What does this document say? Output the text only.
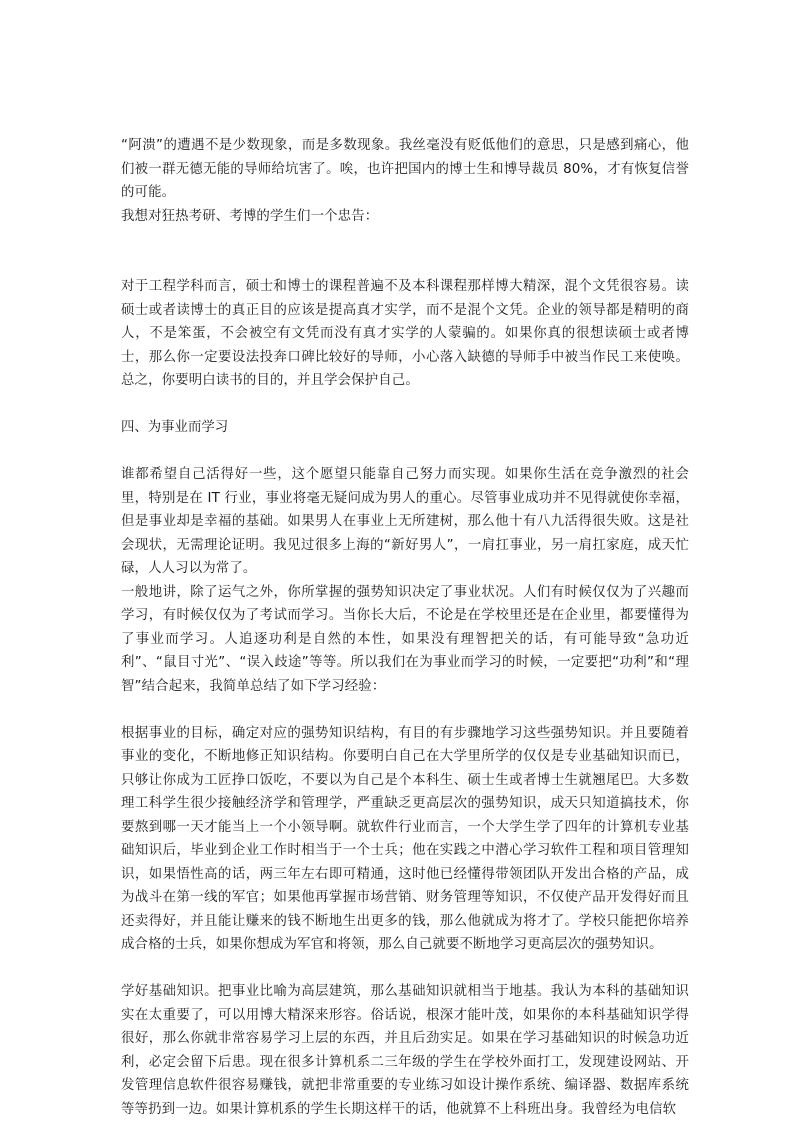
“阿溃”的遭遇不是少数现象，而是多数现象。我丝毫没有贬低他们的意思，只是感到痛心，他们被一群无德无能的导师给坑害了。唉，也许把国内的博士生和博导裁员 80%，才有恢复信誉的可能。

我想对狂热考研、考博的学生们一个忠告：

对于工程学科而言，硕士和博士的课程普遍不及本科课程那样博大精深，混个文凭很容易。读硕士或者读博士的真正目的应该是提高真才实学，而不是混个文凭。企业的领导都是精明的商人，不是笨蛋，不会被空有文凭而没有真才实学的人蒙骗的。如果你真的很想读硕士或者博士，那么你一定要设法投奔口碑比较好的导师，小心落入缺德的导师手中被当作民工来使唤。总之，你要明白读书的目的，并且学会保护自己。

四、为事业而学习

谁都希望自己活得好一些，这个愿望只能靠自己努力而实现。如果你生活在竞争激烈的社会里，特别是在 IT 行业，事业将毫无疑问成为男人的重心。尽管事业成功并不见得就使你幸福，但是事业却是幸福的基础。如果男人在事业上无所建树，那么他十有八九活得很失败。这是社会现状，无需理论证明。我见过很多上海的“新好男人”，一肩扛事业，另一肩扛家庭，成天忙碌，人人习以为常了。

一般地讲，除了运气之外，你所掌握的强势知识决定了事业状况。人们有时候仅仅为了兴趣而学习，有时候仅仅为了考试而学习。当你长大后，不论是在学校里还是在企业里，都要懂得为了事业而学习。人追逐功利是自然的本性，如果没有理智把关的话，有可能导致“急功近利”、“鼠目寸光”、“误入歧途”等等。所以我们在为事业而学习的时候，一定要把“功利”和“理智”结合起来，我简单总结了如下学习经验：

根据事业的目标，确定对应的强势知识结构，有目的有步骤地学习这些强势知识。并且要随着事业的变化，不断地修正知识结构。你要明白自己在大学里所学的仅仅是专业基础知识而已，只够让你成为工匠挣口饭吃，不要以为自己是个本科生、硕士生或者博士生就翘尾巴。大多数理工科学生很少接触经济学和管理学，严重缺乏更高层次的强势知识，成天只知道搞技术，你要熬到哪一天才能当上一个小领导啊。就软件行业而言，一个大学生学了四年的计算机专业基础知识后，毕业到企业工作时相当于一个士兵；他在实践之中潜心学习软件工程和项目管理知识，如果悟性高的话，两三年左右即可精通，这时他已经懂得带领团队开发出合格的产品，成为战斗在第一线的军官；如果他再掌握市场营销、财务管理等知识，不仅使产品开发得好而且还卖得好，并且能让赚来的钱不断地生出更多的钱，那么他就成为将才了。学校只能把你培养成合格的士兵，如果你想成为军官和将领，那么自己就要不断地学习更高层次的强势知识。

学好基础知识。把事业比喻为高层建筑，那么基础知识就相当于地基。我认为本科的基础知识实在太重要了，可以用博大精深来形容。俗话说，根深才能叶茂，如果你的本科基础知识学得很好，那么你就非常容易学习上层的东西，并且后劲实足。如果在学习基础知识的时候急功近利，必定会留下后患。现在很多计算机系二三年级的学生在学校外面打工，发现建设网站、开发管理信息软件很容易赚钱，就把非常重要的专业练习如设计操作系统、编译器、数据库系统等等扔到一边。如果计算机系的学生长期这样干的话，他就算不上科班出身。我曾经为电信软
